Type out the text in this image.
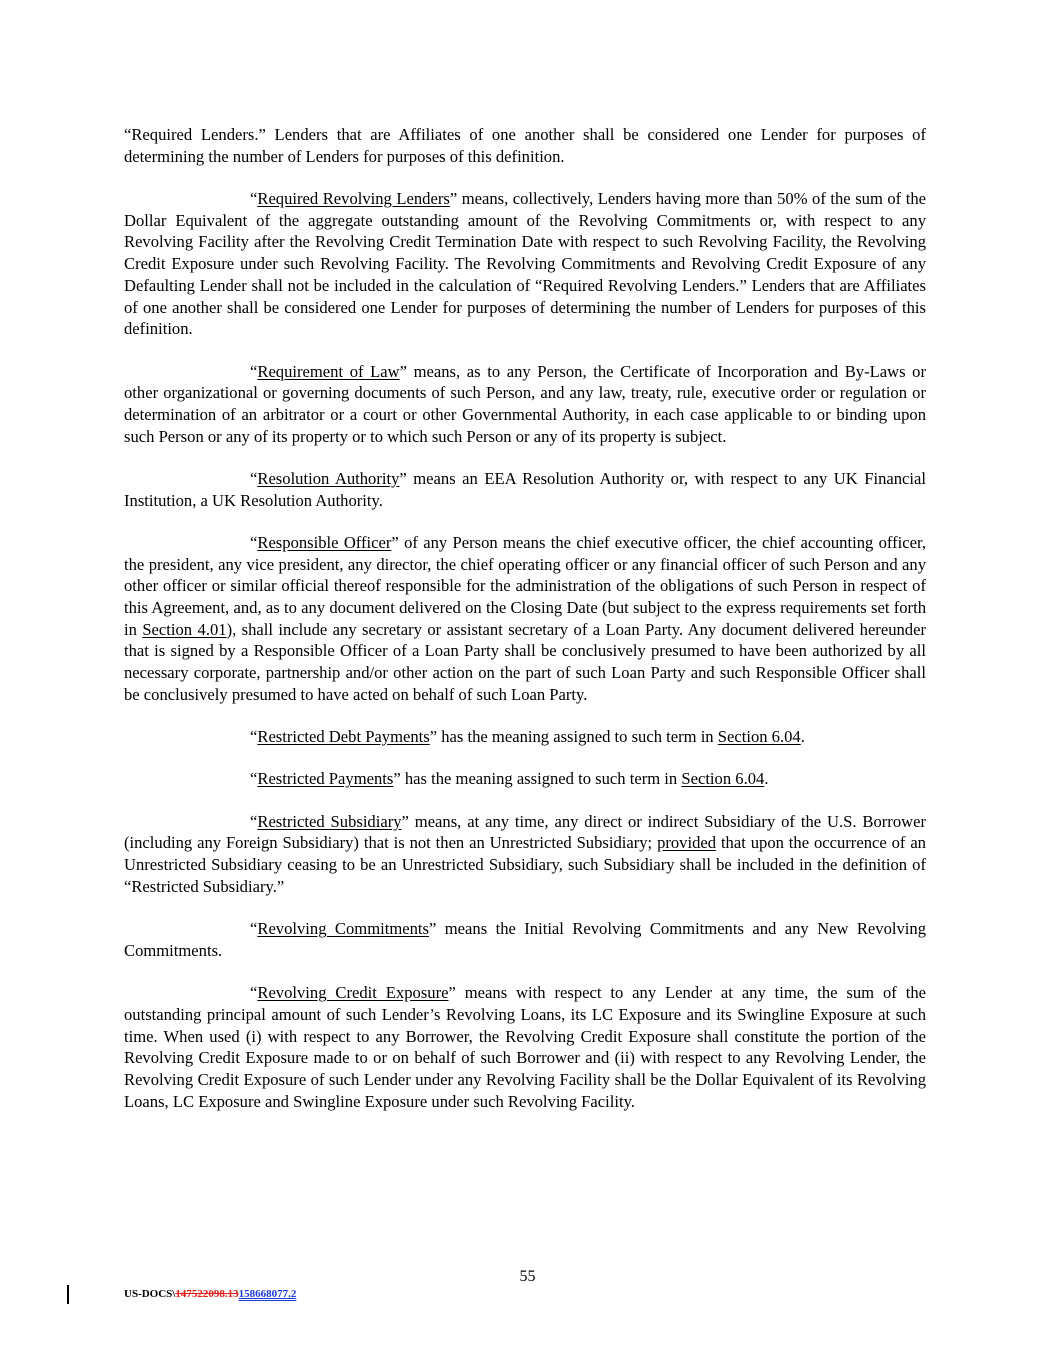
“Required Lenders.” Lenders that are Affiliates of one another shall be considered one Lender for purposes of determining the number of Lenders for purposes of this definition.

“Required Revolving Lenders” means, collectively, Lenders having more than 50% of the sum of the Dollar Equivalent of the aggregate outstanding amount of the Revolving Commitments or, with respect to any Revolving Facility after the Revolving Credit Termination Date with respect to such Revolving Facility, the Revolving Credit Exposure under such Revolving Facility. The Revolving Commitments and Revolving Credit Exposure of any Defaulting Lender shall not be included in the calculation of “Required Revolving Lenders.” Lenders that are Affiliates of one another shall be considered one Lender for purposes of determining the number of Lenders for purposes of this definition.

“Requirement of Law” means, as to any Person, the Certificate of Incorporation and By-Laws or other organizational or governing documents of such Person, and any law, treaty, rule, executive order or regulation or determination of an arbitrator or a court or other Governmental Authority, in each case applicable to or binding upon such Person or any of its property or to which such Person or any of its property is subject.

“Resolution Authority” means an EEA Resolution Authority or, with respect to any UK Financial Institution, a UK Resolution Authority.

“Responsible Officer” of any Person means the chief executive officer, the chief accounting officer, the president, any vice president, any director, the chief operating officer or any financial officer of such Person and any other officer or similar official thereof responsible for the administration of the obligations of such Person in respect of this Agreement, and, as to any document delivered on the Closing Date (but subject to the express requirements set forth in Section 4.01), shall include any secretary or assistant secretary of a Loan Party. Any document delivered hereunder that is signed by a Responsible Officer of a Loan Party shall be conclusively presumed to have been authorized by all necessary corporate, partnership and/or other action on the part of such Loan Party and such Responsible Officer shall be conclusively presumed to have acted on behalf of such Loan Party.

“Restricted Debt Payments” has the meaning assigned to such term in Section 6.04.

“Restricted Payments” has the meaning assigned to such term in Section 6.04.

“Restricted Subsidiary” means, at any time, any direct or indirect Subsidiary of the U.S. Borrower (including any Foreign Subsidiary) that is not then an Unrestricted Subsidiary; provided that upon the occurrence of an Unrestricted Subsidiary ceasing to be an Unrestricted Subsidiary, such Subsidiary shall be included in the definition of “Restricted Subsidiary.”

“Revolving Commitments” means the Initial Revolving Commitments and any New Revolving Commitments.

“Revolving Credit Exposure” means with respect to any Lender at any time, the sum of the outstanding principal amount of such Lender’s Revolving Loans, its LC Exposure and its Swingline Exposure at such time. When used (i) with respect to any Borrower, the Revolving Credit Exposure shall constitute the portion of the Revolving Credit Exposure made to or on behalf of such Borrower and (ii) with respect to any Revolving Lender, the Revolving Credit Exposure of such Lender under any Revolving Facility shall be the Dollar Equivalent of its Revolving Loans, LC Exposure and Swingline Exposure under such Revolving Facility.

55
US-DOCS\147522098.13158668077.2
